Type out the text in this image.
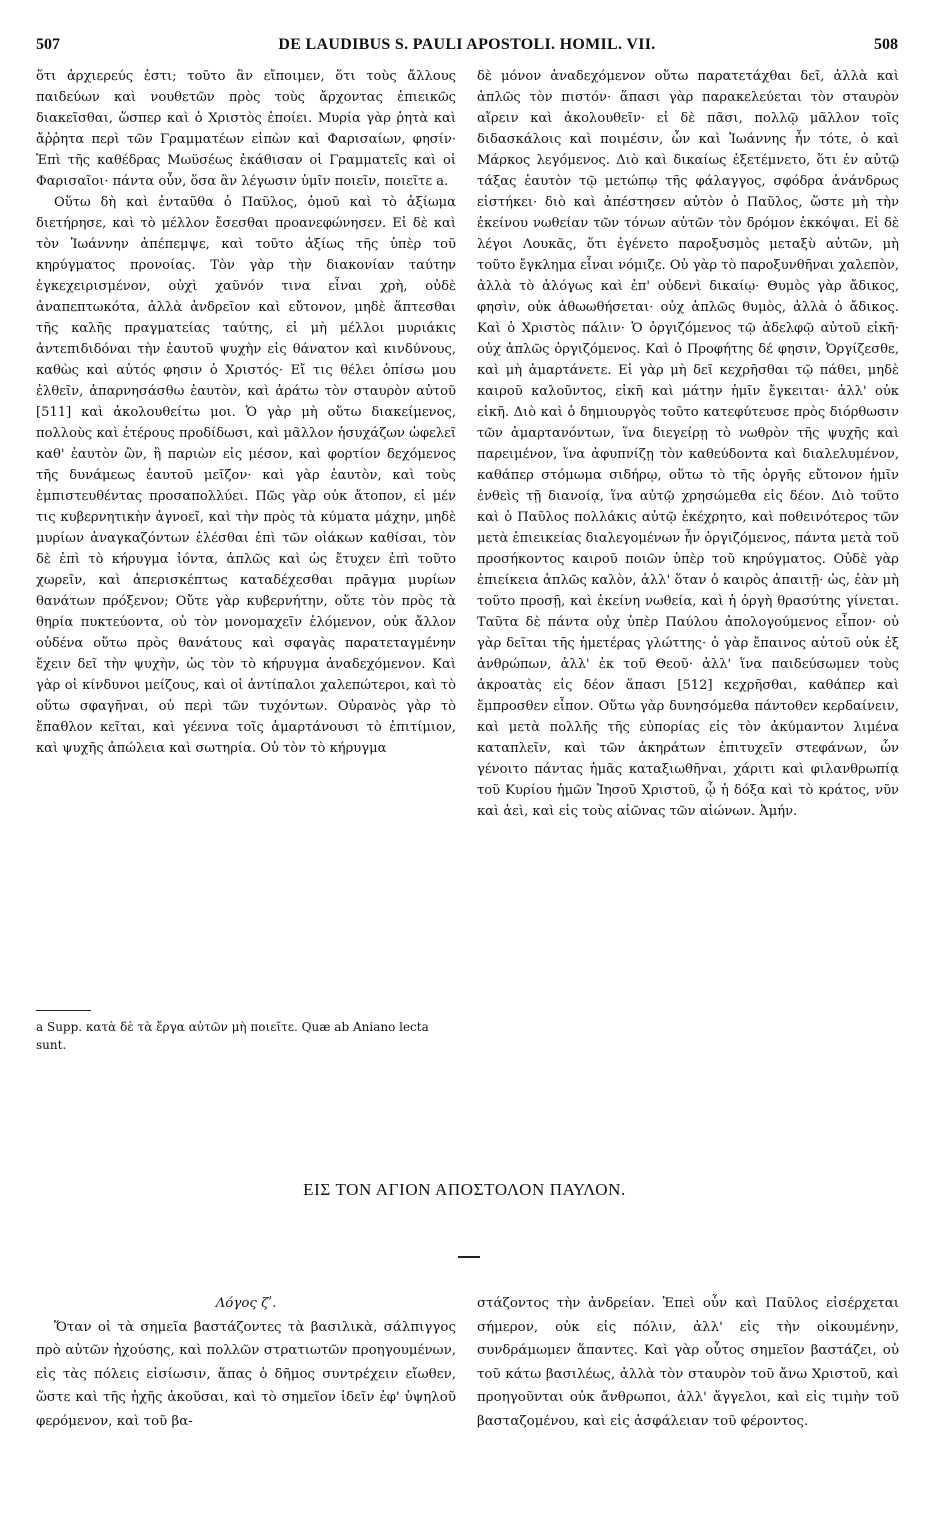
507	DE LAUDIBUS S. PAULI APOSTOLI. HOMIL. VII.	508

ὅτι ἀρχιερεύς ἐστι; τοῦτο ἂν εἴποιμεν, ὅτι τοὺς ἄλλους παιδεύων καὶ νουθετῶν πρὸς τοὺς ἄρχοντας ἐπιεικῶς διακεῖσθαι, ὥσπερ καὶ ὁ Χριστὸς ἐποίει. Μυρία γὰρ ῥητὰ καὶ ἄῤῥητα περὶ τῶν Γραμματέων εἰπὼν καὶ Φαρισαίων, φησίν· Ἐπὶ τῆς καθέδρας Μωϋσέως ἐκάθισαν οἱ Γραμματεῖς καὶ οἱ Φαρισαῖοι· πάντα οὖν, ὅσα ἂν λέγωσιν ὑμῖν ποιεῖν, ποιεῖτε a.

Οὕτω δὴ καὶ ἐνταῦθα ὁ Παῦλος, ὁμοῦ καὶ τὸ ἀξίωμα διετήρησε, καὶ τὸ μέλλον ἔσεσθαι προανεφώνησεν. Εἰ δὲ καὶ τὸν Ἰωάννην ἀπέπεμψε, καὶ τοῦτο ἀξίως τῆς ὑπὲρ τοῦ κηρύγματος προνοίας. Τὸν γὰρ τὴν διακονίαν ταύτην ἐγκεχειρισμένον, οὐχὶ χαῦνόν τινα εἶναι χρὴ, οὐδὲ ἀναπεπτωκότα, ἀλλὰ ἀνδρεῖον καὶ εὔτονον, μηδὲ ἅπτεσθαι τῆς καλῆς πραγματείας ταύτης, εἰ μὴ μέλλοι μυριάκις ἀντεπιδιδόναι τὴν ἑαυτοῦ ψυχὴν εἰς θάνατον καὶ κινδύνους, καθὼς καὶ αὐτός φησιν ὁ Χριστός· Εἴ τις θέλει ὀπίσω μου ἐλθεῖν, ἀπαρνησάσθω ἑαυτὸν, καὶ ἀράτω τὸν σταυρὸν αὐτοῦ [511] καὶ ἀκολουθείτω μοι. Ὁ γὰρ μὴ οὕτω διακείμενος, πολλοὺς καὶ ἑτέρους προδίδωσι, καὶ μᾶλλον ἡσυχάζων ὠφελεῖ καθ' ἑαυτὸν ὢν, ἢ παριὼν εἰς μέσον, καὶ φορτίον δεχόμενος τῆς δυνάμεως ἑαυτοῦ μεῖζον· καὶ γὰρ ἑαυτὸν, καὶ τοὺς ἐμπιστευθέντας προσαπολλύει. Πῶς γὰρ οὐκ ἄτοπον, εἰ μέν τις κυβερνητικὴν ἀγνοεῖ, καὶ τὴν πρὸς τὰ κύματα μάχην, μηδὲ μυρίων ἀναγκαζόντων ἑλέσθαι ἐπὶ τῶν οἰάκων καθίσαι, τὸν δὲ ἐπὶ τὸ κήρυγμα ἰόντα, ἁπλῶς καὶ ὡς ἔτυχεν ἐπὶ τοῦτο χωρεῖν, καὶ ἀπερισκέπτως καταδέχεσθαι πρᾶγμα μυρίων θανάτων πρόξενον; Οὔτε γὰρ κυβερνήτην, οὔτε τὸν πρὸς τὰ θηρία πυκτεύοντα, οὐ τὸν μονομαχεῖν ἑλόμενον, οὐκ ἄλλον οὐδένα οὕτω πρὸς θανάτους καὶ σφαγὰς παρατεταγμένην ἔχειν δεῖ τὴν ψυχὴν, ὡς τὸν τὸ κήρυγμα ἀναδεχόμενον. Καὶ γὰρ οἱ κίνδυνοι μείζους, καὶ οἱ ἀντίπαλοι χαλεπώτεροι, καὶ τὸ οὕτω σφαγῆναι, οὐ περὶ τῶν τυχόντων. Οὐρανὸς γὰρ τὸ ἔπαθλον κεῖται, καὶ γέεννα τοῖς ἁμαρτάνουσι τὸ ἐπιτίμιον, καὶ ψυχῆς ἀπώλεια καὶ σωτηρία. Οὐ τὸν τὸ κήρυγμα

a Supp. κατὰ δὲ τὰ ἔργα αὐτῶν μὴ ποιεῖτε. Quæ ab Aniano lecta sunt.

δὲ μόνον ἀναδεχόμενον οὕτω παρατετάχθαι δεῖ, ἀλλὰ καὶ ἁπλῶς τὸν πιστόν· ἅπασι γὰρ παρακελεύεται τὸν σταυρὸν αἴρειν καὶ ἀκολουθεῖν· εἰ δὲ πᾶσι, πολλῷ μᾶλλον τοῖς διδασκάλοις καὶ ποιμέσιν, ὧν καὶ Ἰωάννης ἦν τότε, ὁ καὶ Μάρκος λεγόμενος. Διὸ καὶ δικαίως ἐξετέμνετο, ὅτι ἐν αὐτῷ τάξας ἑαυτὸν τῷ μετώπῳ τῆς φάλαγγος, σφόδρα ἀνάνδρως εἱστήκει· διὸ καὶ ἀπέστησεν αὐτὸν ὁ Παῦλος, ὥστε μὴ τὴν ἐκείνου νωθείαν τῶν τόνων αὐτῶν τὸν δρόμον ἐκκόψαι. Εἰ δὲ λέγοι Λουκᾶς, ὅτι ἐγένετο παροξυσμὸς μεταξὺ αὐτῶν, μὴ τοῦτο ἔγκλημα εἶναι νόμιζε. Οὐ γὰρ τὸ παροξυνθῆναι χαλεπὸν, ἀλλὰ τὸ ἀλόγως καὶ ἐπ' οὐδενὶ δικαίῳ· Θυμὸς γὰρ ἄδικος, φησὶν, οὐκ ἀθωωθήσεται· οὐχ ἁπλῶς θυμὸς, ἀλλὰ ὁ ἄδικος. Καὶ ὁ Χριστὸς πάλιν· Ὁ ὀργιζόμενος τῷ ἀδελφῷ αὐτοῦ εἰκῆ· οὐχ ἁπλῶς ὀργιζόμενος. Καὶ ὁ Προφήτης δέ φησιν, Ὀργίζεσθε, καὶ μὴ ἁμαρτάνετε. Εἰ γὰρ μὴ δεῖ κεχρῆσθαι τῷ πάθει, μηδὲ καιροῦ καλοῦντος, εἰκῆ καὶ μάτην ἡμῖν ἔγκειται· ἀλλ' οὐκ εἰκῆ. Διὸ καὶ ὁ δημιουργὸς τοῦτο κατεφύτευσε πρὸς διόρθωσιν τῶν ἁμαρτανόντων, ἵνα διεγείρῃ τὸ νωθρὸν τῆς ψυχῆς καὶ παρειμένον, ἵνα ἀφυπνίζῃ τὸν καθεύδοντα καὶ διαλελυμένον, καθάπερ στόμωμα σιδήρῳ, οὕτω τὸ τῆς ὀργῆς εὔτονον ἡμῖν ἐνθεὶς τῇ διανοίᾳ, ἵνα αὐτῷ χρησώμεθα εἰς δέον. Διὸ τοῦτο καὶ ὁ Παῦλος πολλάκις αὐτῷ ἐκέχρητο, καὶ ποθεινότερος τῶν μετὰ ἐπιεικείας διαλεγομένων ἦν ὀργιζόμενος, πάντα μετὰ τοῦ προσήκοντος καιροῦ ποιῶν ὑπὲρ τοῦ κηρύγματος. Οὐδὲ γὰρ ἐπιείκεια ἁπλῶς καλὸν, ἀλλ' ὅταν ὁ καιρὸς ἀπαιτῇ· ὡς, ἐὰν μὴ τοῦτο προσῇ, καὶ ἐκείνη νωθεία, καὶ ἡ ὀργὴ θρασύτης γίνεται. Ταῦτα δὲ πάντα οὐχ ὑπὲρ Παύλου ἀπολογούμενος εἶπον· οὐ γὰρ δεῖται τῆς ἡμετέρας γλώττης· ὁ γὰρ ἔπαινος αὐτοῦ οὐκ ἐξ ἀνθρώπων, ἀλλ' ἐκ τοῦ Θεοῦ· ἀλλ' ἵνα παιδεύσωμεν τοὺς ἀκροατὰς εἰς δέον ἅπασι [512] κεχρῆσθαι, καθάπερ καὶ ἔμπροσθεν εἶπον. Οὕτω γὰρ δυνησόμεθα πάντοθεν κερδαίνειν, καὶ μετὰ πολλῆς τῆς εὐπορίας εἰς τὸν ἀκύμαντον λιμένα καταπλεῖν, καὶ τῶν ἀκηράτων ἐπιτυχεῖν στεφάνων, ὧν γένοιτο πάντας ἡμᾶς καταξιωθῆναι, χάριτι καὶ φιλανθρωπίᾳ τοῦ Κυρίου ἡμῶν Ἰησοῦ Χριστοῦ, ᾧ ἡ δόξα καὶ τὸ κράτος, νῦν καὶ ἀεὶ, καὶ εἰς τοὺς αἰῶνας τῶν αἰώνων. Ἀμήν.

ΕΙΣ ΤΟΝ ΑΓΙΟΝ ΑΠΟΣΤΟΛΟΝ ΠΑΥΛΟΝ.

Λόγος ζʹ.

Ὅταν οἱ τὰ σημεῖα βαστάζοντες τὰ βασιλικὰ, σάλπιγγος πρὸ αὐτῶν ἠχούσης, καὶ πολλῶν στρατιωτῶν προηγουμένων, εἰς τὰς πόλεις εἰσίωσιν, ἅπας ὁ δῆμος συντρέχειν εἴωθεν, ὥστε καὶ τῆς ἠχῆς ἀκοῦσαι, καὶ τὸ σημεῖον ἰδεῖν ἐφ' ὑψηλοῦ φερόμενον, καὶ τοῦ βα-

στάζοντος τὴν ἀνδρείαν. Ἐπεὶ οὖν καὶ Παῦλος εἰσέρχεται σήμερον, οὐκ εἰς πόλιν, ἀλλ' εἰς τὴν οἰκουμένην, συνδράμωμεν ἅπαντες. Καὶ γὰρ οὗτος σημεῖον βαστάζει, οὐ τοῦ κάτω βασιλέως, ἀλλὰ τὸν σταυρὸν τοῦ ἄνω Χριστοῦ, καὶ προηγοῦνται οὐκ ἄνθρωποι, ἀλλ' ἄγγελοι, καὶ εἰς τιμὴν τοῦ βασταζομένου, καὶ εἰς ἀσφάλειαν τοῦ φέροντος.
